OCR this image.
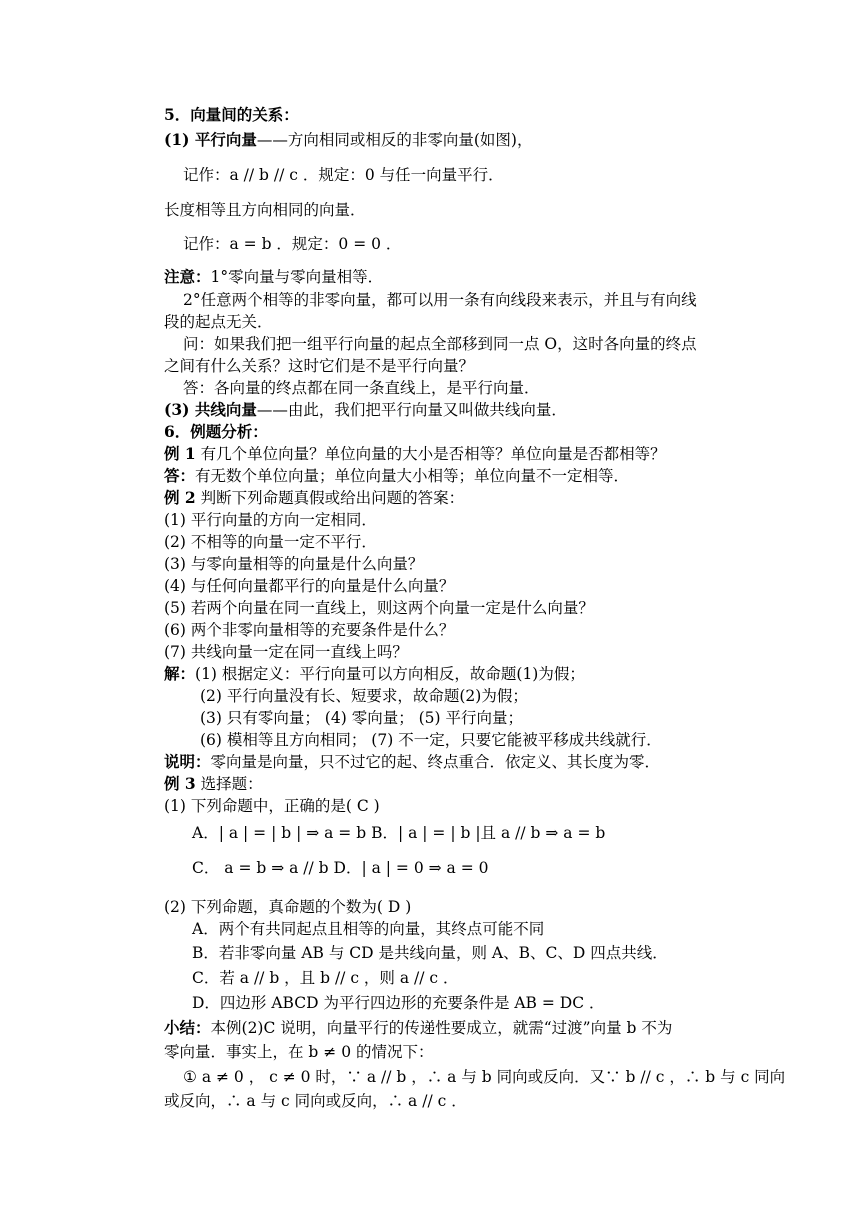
5．向量间的关系：
(1) 平行向量——方向相同或相反的非零向量(如图)，
记作：a // b // c ．规定：0 与任一向量平行．
长度相等且方向相同的向量．
记作：a = b ．规定：0 = 0 ．
注意：1°零向量与零向量相等．
2°任意两个相等的非零向量，都可以用一条有向线段来表示，并且与有向线
段的起点无关．
问：如果我们把一组平行向量的起点全部移到同一点 O，这时各向量的终点
之间有什么关系？这时它们是不是平行向量？
答：各向量的终点都在同一条直线上，是平行向量．
(3) 共线向量——由此，我们把平行向量又叫做共线向量．
6．例题分析：
例 1 有几个单位向量？单位向量的大小是否相等？单位向量是否都相等？
答：有无数个单位向量；单位向量大小相等；单位向量不一定相等．
例 2 判断下列命题真假或给出问题的答案：
(1) 平行向量的方向一定相同．
(2) 不相等的向量一定不平行．
(3) 与零向量相等的向量是什么向量？
(4) 与任何向量都平行的向量是什么向量？
(5) 若两个向量在同一直线上，则这两个向量一定是什么向量？
(6) 两个非零向量相等的充要条件是什么？
(7) 共线向量一定在同一直线上吗？
解：(1) 根据定义：平行向量可以方向相反，故命题(1)为假；
(2) 平行向量没有长、短要求，故命题(2)为假；
(3) 只有零向量； (4) 零向量； (5) 平行向量；
(6) 模相等且方向相同； (7) 不一定，只要它能被平移成共线就行．
说明：零向量是向量，只不过它的起、终点重合．依定义、其长度为零．
例 3 选择题：
(1) 下列命题中，正确的是( C )
A．| a | = | b | ⇒ a = b B．| a | = | b |且 a // b ⇒ a = b
C． a = b ⇒ a // b D．| a | = 0 ⇒ a = 0
(2) 下列命题，真命题的个数为( D )
A．两个有共同起点且相等的向量，其终点可能不同
B．若非零向量 AB 与 CD 是共线向量，则 A、B、C、D 四点共线．
C．若 a // b ，且 b // c ，则 a // c ．
D．四边形 ABCD 为平行四边形的充要条件是 AB = DC ．
小结：本例(2)C 说明，向量平行的传递性要成立，就需“过渡”向量 b 不为
零向量．事实上，在 b ≠ 0 的情况下：
① a ≠ 0 ， c ≠ 0 时，∵ a // b ，∴ a 与 b 同向或反向．又∵ b // c ，∴ b 与 c 同向
或反向，∴ a 与 c 同向或反向，∴ a // c ．
